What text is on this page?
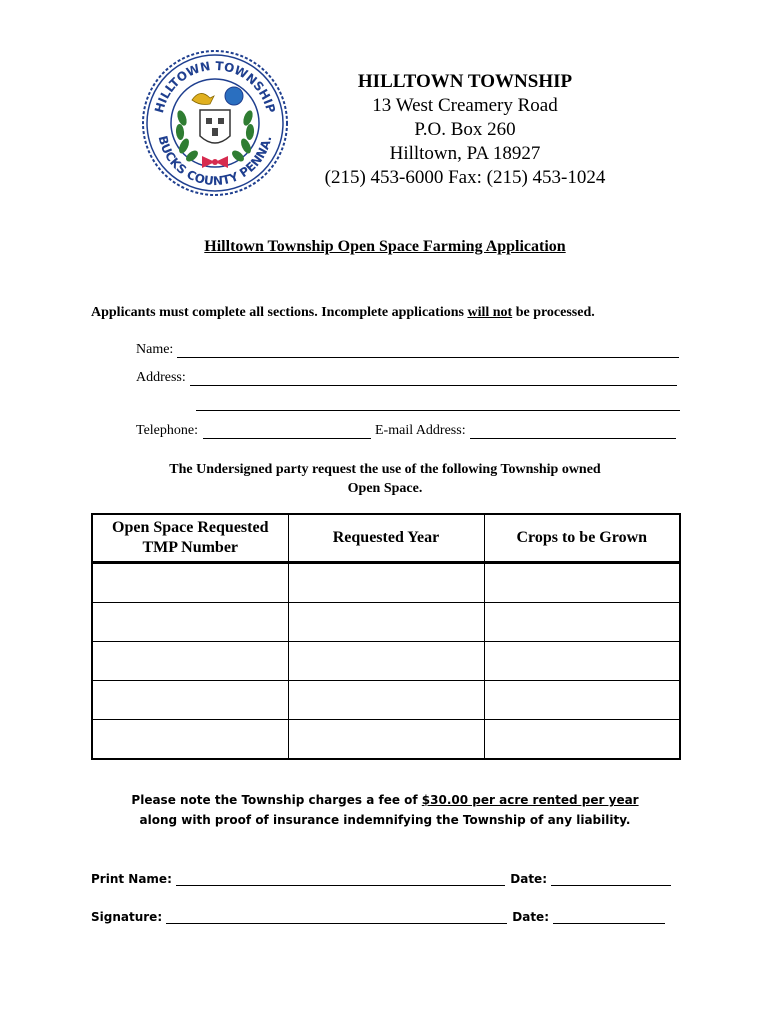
HILLTOWN TOWNSHIP
BUCKS COUNTY PENNA.
HILLTOWN TOWNSHIP
13 West Creamery Road
P.O. Box 260
Hilltown, PA 18927
(215) 453-6000 Fax: (215) 453-1024
Hilltown Township Open Space Farming Application
Applicants must complete all sections. Incomplete applications will not be processed.
Name:
Address:
Telephone:	E-mail Address:
The Undersigned party request the use of the following Township owned
Open Space.
Open Space Requested TMP Number	Requested Year	Crops to be Grown

Please note the Township charges a fee of $30.00 per acre rented per year
along with proof of insurance indemnifying the Township of any liability.
Print Name:	Date:
Signature:	Date:
